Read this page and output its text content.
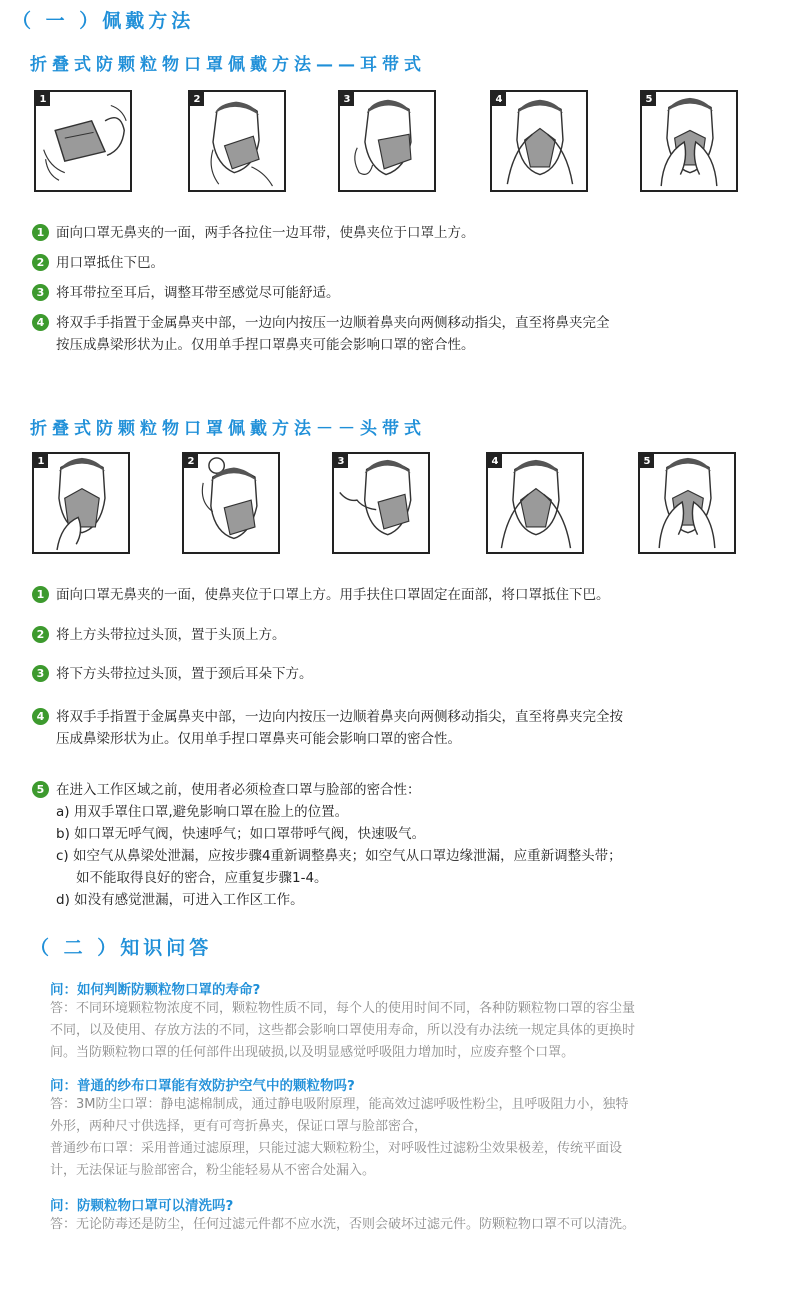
（ 一 ）佩戴方法
折叠式防颗粒物口罩佩戴方法——耳带式
1	2	3	4	5
1 面向口罩无鼻夹的一面，两手各拉住一边耳带，使鼻夹位于口罩上方。
2 用口罩抵住下巴。
3 将耳带拉至耳后，调整耳带至感觉尽可能舒适。
4 将双手手指置于金属鼻夹中部，一边向内按压一边顺着鼻夹向两侧移动指尖，直至将鼻夹完全
按压成鼻梁形状为止。仅用单手捏口罩鼻夹可能会影响口罩的密合性。
折叠式防颗粒物口罩佩戴方法－－头带式
1	2	3	4	5
1 面向口罩无鼻夹的一面，使鼻夹位于口罩上方。用手扶住口罩固定在面部，将口罩抵住下巴。
2 将上方头带拉过头顶，置于头顶上方。
3 将下方头带拉过头顶，置于颈后耳朵下方。
4 将双手手指置于金属鼻夹中部，一边向内按压一边顺着鼻夹向两侧移动指尖，直至将鼻夹完全按
压成鼻梁形状为止。仅用单手捏口罩鼻夹可能会影响口罩的密合性。
5 在进入工作区域之前，使用者必须检查口罩与脸部的密合性：
a) 用双手罩住口罩,避免影响口罩在脸上的位置。
b) 如口罩无呼气阀，快速呼气；如口罩带呼气阀，快速吸气。
c) 如空气从鼻梁处泄漏，应按步骤4重新调整鼻夹；如空气从口罩边缘泄漏，应重新调整头带；
如不能取得良好的密合，应重复步骤1-4。
d) 如没有感觉泄漏，可进入工作区工作。
（ 二 ）知识问答
问：如何判断防颗粒物口罩的寿命?
答：不同环境颗粒物浓度不同，颗粒物性质不同，每个人的使用时间不同，各种防颗粒物口罩的容尘量
不同，以及使用、存放方法的不同，这些都会影响口罩使用寿命，所以没有办法统一规定具体的更换时
间。当防颗粒物口罩的任何部件出现破损,以及明显感觉呼吸阻力增加时，应废弃整个口罩。
问：普通的纱布口罩能有效防护空气中的颗粒物吗?
答：3M防尘口罩：静电滤棉制成，通过静电吸附原理，能高效过滤呼吸性粉尘，且呼吸阻力小，独特
外形，两种尺寸供选择，更有可弯折鼻夹，保证口罩与脸部密合，
普通纱布口罩：采用普通过滤原理，只能过滤大颗粒粉尘，对呼吸性过滤粉尘效果极差，传统平面设
计，无法保证与脸部密合，粉尘能轻易从不密合处漏入。
问：防颗粒物口罩可以清洗吗?
答：无论防毒还是防尘，任何过滤元件都不应水洗，否则会破坏过滤元件。防颗粒物口罩不可以清洗。
